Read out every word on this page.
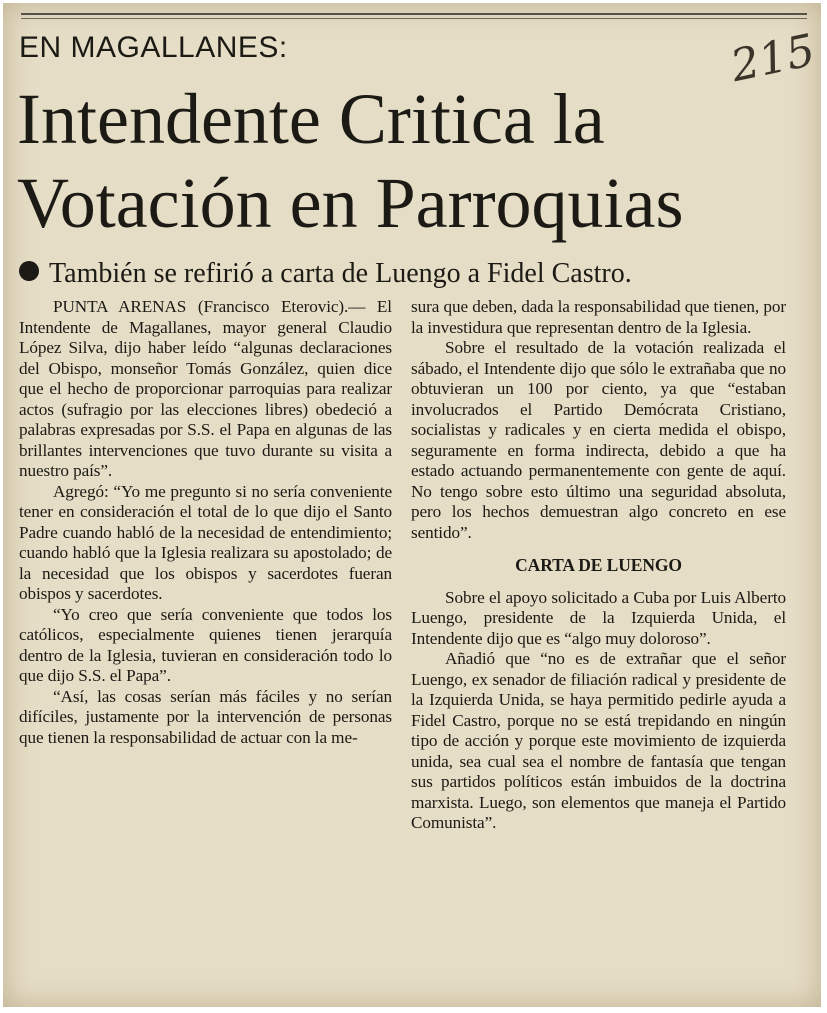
EN MAGALLANES:	215
Intendente Critica la Votación en Parroquias
También se refirió a carta de Luengo a Fidel Castro.

PUNTA ARENAS (Francisco Eterovic).— El Intendente de Magallanes, mayor general Claudio López Silva, dijo haber leído “algunas declaraciones del Obispo, monseñor Tomás González, quien dice que el hecho de proporcionar parroquias para realizar actos (sufragio por las elecciones libres) obedeció a palabras expresadas por S.S. el Papa en algunas de las brillantes intervenciones que tuvo durante su visita a nuestro país”.

Agregó: “Yo me pregunto si no sería conveniente tener en consideración el total de lo que dijo el Santo Padre cuando habló de la necesidad de entendimiento; cuando habló que la Iglesia realizara su apostolado; de la necesidad que los obispos y sacerdotes fueran obispos y sacerdotes.

“Yo creo que sería conveniente que todos los católicos, especialmente quienes tienen jerarquía dentro de la Iglesia, tuvieran en consideración todo lo que dijo S.S. el Papa”.

“Así, las cosas serían más fáciles y no serían difíciles, justamente por la intervención de personas que tienen la responsabilidad de actuar con la me-

sura que deben, dada la responsabilidad que tienen, por la investidura que representan dentro de la Iglesia.

Sobre el resultado de la votación realizada el sábado, el Intendente dijo que sólo le extrañaba que no obtuvieran un 100 por ciento, ya que “estaban involucrados el Partido Demócrata Cristiano, socialistas y radicales y en cierta medida el obispo, seguramente en forma indirecta, debido a que ha estado actuando permanentemente con gente de aquí. No tengo sobre esto último una seguridad absoluta, pero los hechos demuestran algo concreto en ese sentido”.

CARTA DE LUENGO

Sobre el apoyo solicitado a Cuba por Luis Alberto Luengo, presidente de la Izquierda Unida, el Intendente dijo que es “algo muy doloroso”.

Añadió que “no es de extrañar que el señor Luengo, ex senador de filiación radical y presidente de la Izquierda Unida, se haya permitido pedirle ayuda a Fidel Castro, porque no se está trepidando en ningún tipo de acción y porque este movimiento de izquierda unida, sea cual sea el nombre de fantasía que tengan sus partidos políticos están imbuidos de la doctrina marxista. Luego, son elementos que maneja el Partido Comunista”.
